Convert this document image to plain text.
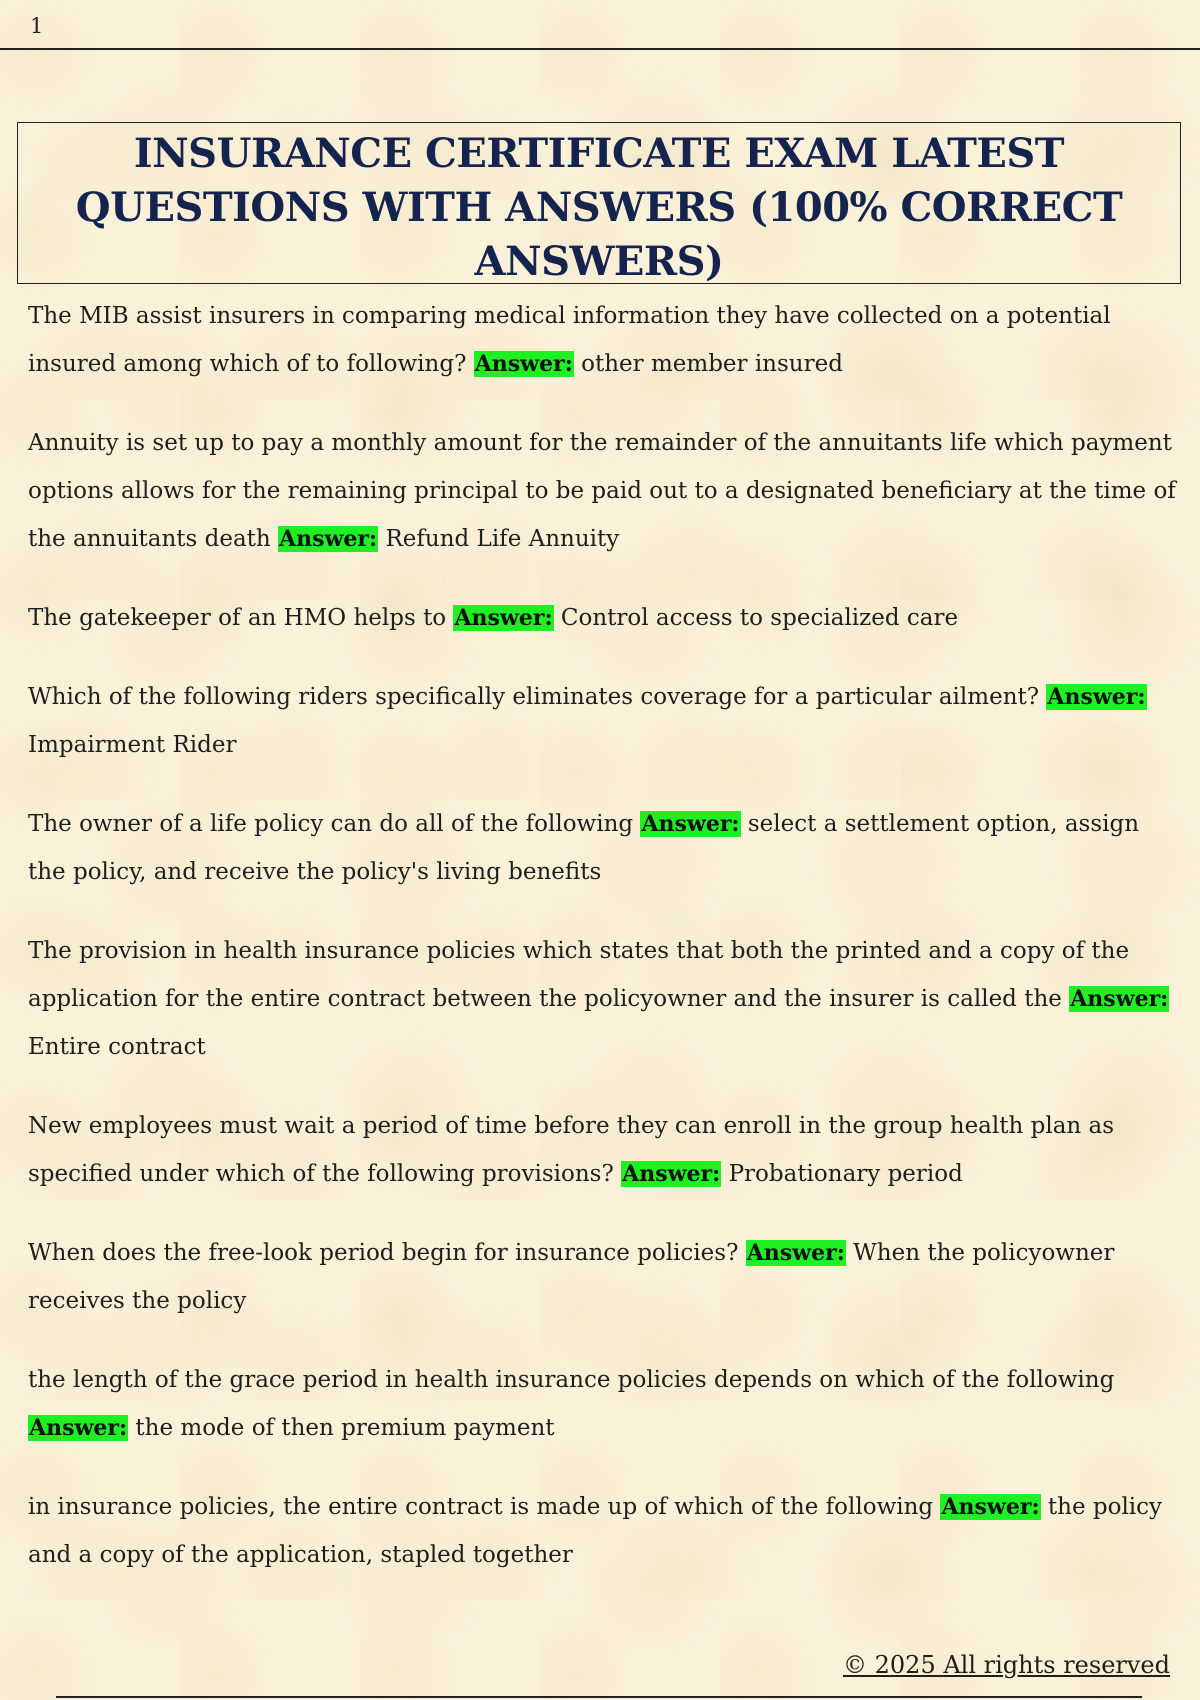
1
INSURANCE CERTIFICATE EXAM LATEST QUESTIONS WITH ANSWERS (100% CORRECT ANSWERS)

The MIB assist insurers in comparing medical information they have collected on a potential insured among which of to following? Answer: other member insured

Annuity is set up to pay a monthly amount for the remainder of the annuitants life which payment options allows for the remaining principal to be paid out to a designated beneficiary at the time of the annuitants death Answer: Refund Life Annuity

The gatekeeper of an HMO helps to Answer: Control access to specialized care

Which of the following riders specifically eliminates coverage for a particular ailment? Answer: Impairment Rider

The owner of a life policy can do all of the following Answer: select a settlement option, assign the policy, and receive the policy's living benefits

The provision in health insurance policies which states that both the printed and a copy of the application for the entire contract between the policyowner and the insurer is called the Answer: Entire contract

New employees must wait a period of time before they can enroll in the group health plan as specified under which of the following provisions? Answer: Probationary period

When does the free-look period begin for insurance policies? Answer: When the policyowner receives the policy

the length of the grace period in health insurance policies depends on which of the following Answer: the mode of then premium payment

in insurance policies, the entire contract is made up of which of the following Answer: the policy and a copy of the application, stapled together

© 2025 All rights reserved
